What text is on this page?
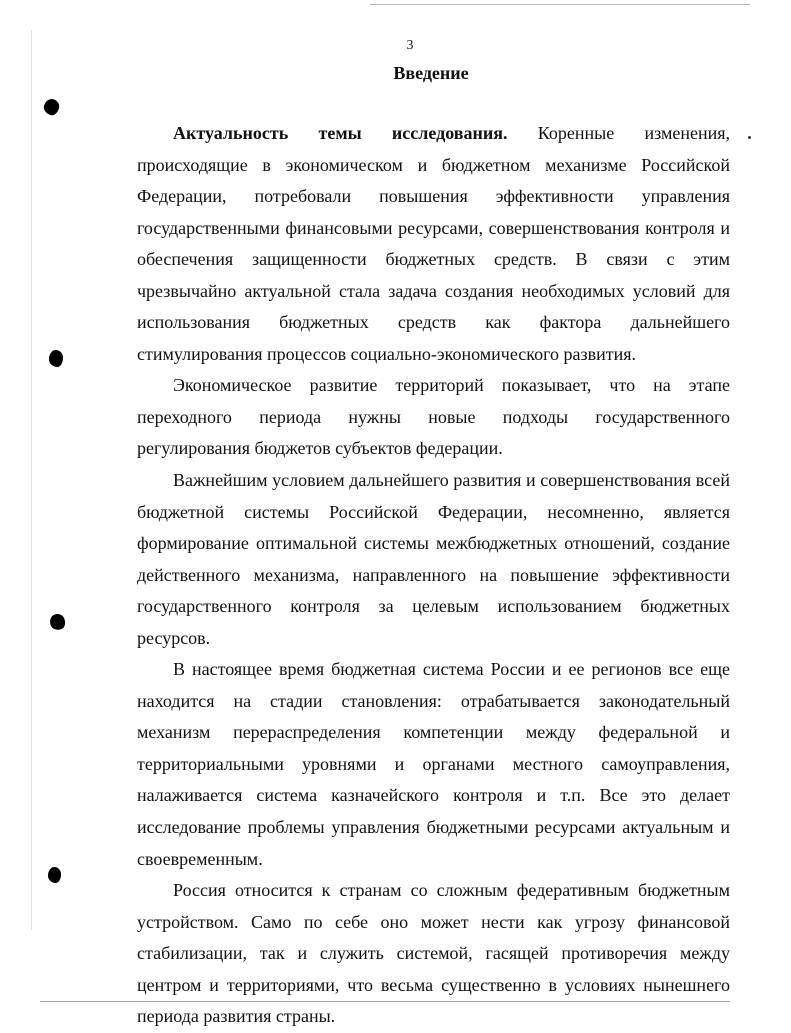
3
Введение

Актуальность темы исследования. Коренные изменения, происходящие в экономическом и бюджетном механизме Российской Федерации, потребовали повышения эффективности управления государственными финансовыми ресурсами, совершенствования контроля и обеспечения защищенности бюджетных средств. В связи с этим чрезвычайно актуальной стала задача создания необходимых условий для использования бюджетных средств как фактора дальнейшего стимулирования процессов социально-экономического развития.

Экономическое развитие территорий показывает, что на этапе переходного периода нужны новые подходы государственного регулирования бюджетов субъектов федерации.

Важнейшим условием дальнейшего развития и совершенствования всей бюджетной системы Российской Федерации, несомненно, является формирование оптимальной системы межбюджетных отношений, создание действенного механизма, направленного на повышение эффективности государственного контроля за целевым использованием бюджетных ресурсов.

В настоящее время бюджетная система России и ее регионов все еще находится на стадии становления: отрабатывается законодательный механизм перераспределения компетенции между федеральной и территориальными уровнями и органами местного самоуправления, налаживается система казначейского контроля и т.п. Все это делает исследование проблемы управления бюджетными ресурсами актуальным и своевременным.

Россия относится к странам со сложным федеративным бюджетным устройством. Само по себе оно может нести как угрозу финансовой стабилизации, так и служить системой, гасящей противоречия между центром и территориями, что весьма существенно в условиях нынешнего периода развития страны.
